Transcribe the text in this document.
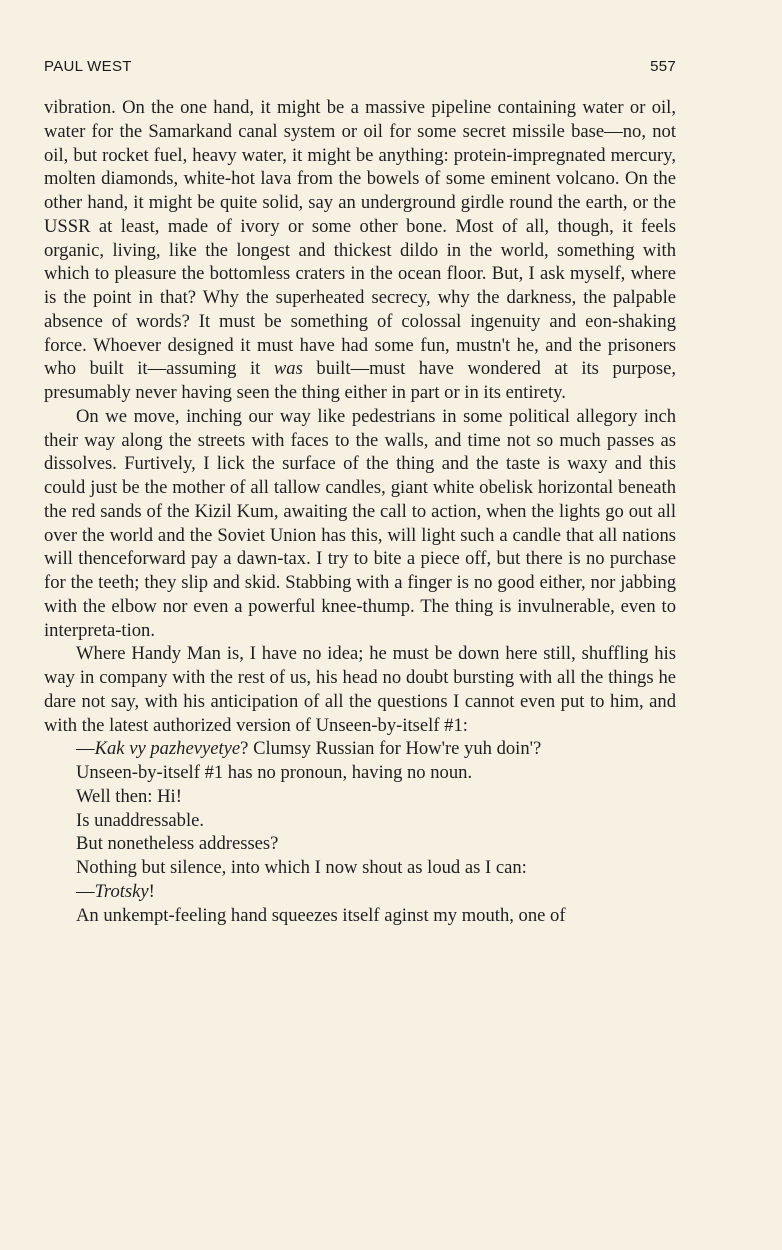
PAUL WEST	557

vibration. On the one hand, it might be a massive pipeline containing water or oil, water for the Samarkand canal system or oil for some secret missile base—no, not oil, but rocket fuel, heavy water, it might be anything: protein-impregnated mercury, molten diamonds, white-hot lava from the bowels of some eminent volcano. On the other hand, it might be quite solid, say an underground girdle round the earth, or the USSR at least, made of ivory or some other bone. Most of all, though, it feels organic, living, like the longest and thickest dildo in the world, something with which to pleasure the bottomless craters in the ocean floor. But, I ask myself, where is the point in that? Why the superheated secrecy, why the darkness, the palpable absence of words? It must be something of colossal ingenuity and eon-shaking force. Whoever designed it must have had some fun, mustn't he, and the prisoners who built it—assuming it was built—must have wondered at its purpose, presumably never having seen the thing either in part or in its entirety.

On we move, inching our way like pedestrians in some political allegory inch their way along the streets with faces to the walls, and time not so much passes as dissolves. Furtively, I lick the surface of the thing and the taste is waxy and this could just be the mother of all tallow candles, giant white obelisk horizontal beneath the red sands of the Kizil Kum, awaiting the call to action, when the lights go out all over the world and the Soviet Union has this, will light such a candle that all nations will thenceforward pay a dawn-tax. I try to bite a piece off, but there is no purchase for the teeth; they slip and skid. Stabbing with a finger is no good either, nor jabbing with the elbow nor even a powerful knee-thump. The thing is invulnerable, even to interpreta-tion.

Where Handy Man is, I have no idea; he must be down here still, shuffling his way in company with the rest of us, his head no doubt bursting with all the things he dare not say, with his anticipation of all the questions I cannot even put to him, and with the latest authorized version of Unseen-by-itself #1:

—Kak vy pazhevyetye? Clumsy Russian for How're yuh doin'?

Unseen-by-itself #1 has no pronoun, having no noun.

Well then: Hi!

Is unaddressable.

But nonetheless addresses?

Nothing but silence, into which I now shout as loud as I can:

—Trotsky!

An unkempt-feeling hand squeezes itself aginst my mouth, one of
